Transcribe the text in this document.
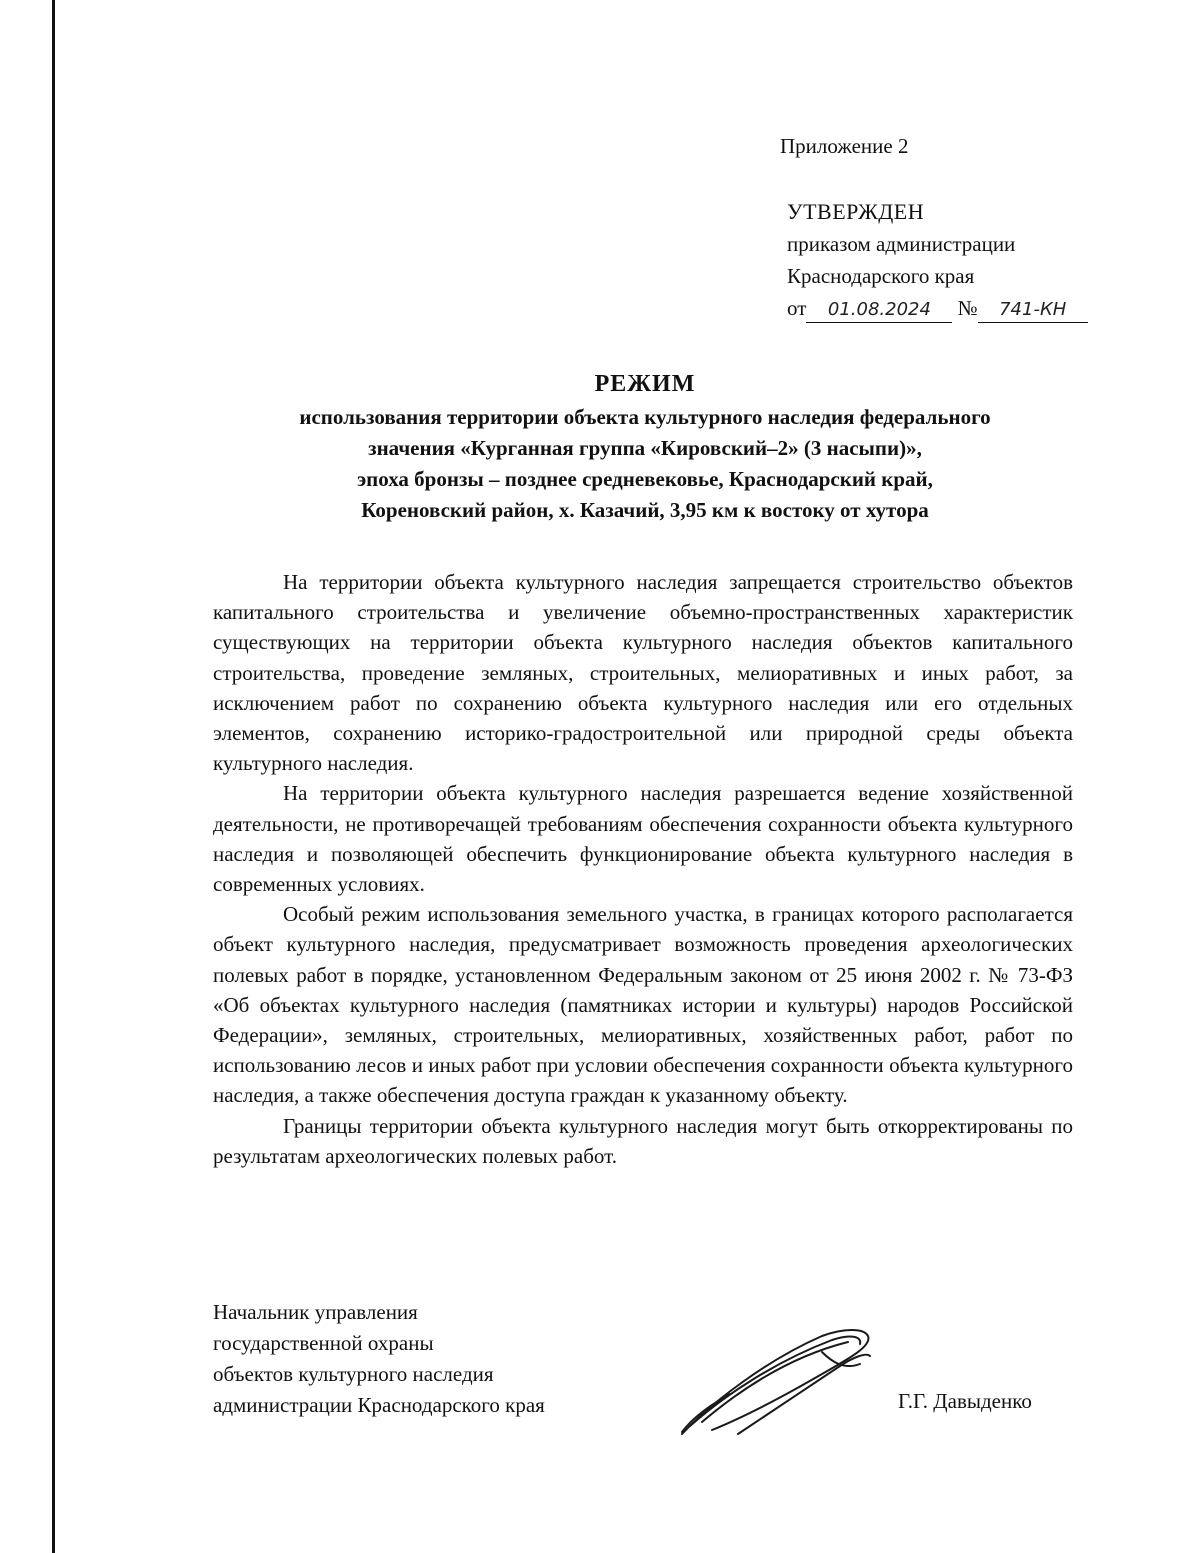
Приложение 2
УТВЕРЖДЕН
приказом администрации
Краснодарского края
от 01.08.2024 № 741-КН
РЕЖИМ
использования территории объекта культурного наследия федерального
значения «Курганная группа «Кировский–2» (3 насыпи)»,
эпоха бронзы – позднее средневековье, Краснодарский край,
Кореновский район, х. Казачий, 3,95 км к востоку от хутора

На территории объекта культурного наследия запрещается строительство объектов капитального строительства и увеличение объемно-пространственных характеристик существующих на территории объекта культурного наследия объектов капитального строительства, проведение земляных, строительных, мелиоративных и иных работ, за исключением работ по сохранению объекта культурного наследия или его отдельных элементов, сохранению историко-градостроительной или природной среды объекта культурного наследия.

На территории объекта культурного наследия разрешается ведение хозяйственной деятельности, не противоречащей требованиям обеспечения сохранности объекта культурного наследия и позволяющей обеспечить функционирование объекта культурного наследия в современных условиях.

Особый режим использования земельного участка, в границах которого располагается объект культурного наследия, предусматривает возможность проведения археологических полевых работ в порядке, установленном Федеральным законом от 25 июня 2002 г. № 73-ФЗ «Об объектах культурного наследия (памятниках истории и культуры) народов Российской Федерации», земляных, строительных, мелиоративных, хозяйственных работ, работ по использованию лесов и иных работ при условии обеспечения сохранности объекта культурного наследия, а также обеспечения доступа граждан к указанному объекту.

Границы территории объекта культурного наследия могут быть откорректированы по результатам археологических полевых работ.

Начальник управления
государственной охраны
объектов культурного наследия
администрации Краснодарского края	Г.Г. Давыденко
